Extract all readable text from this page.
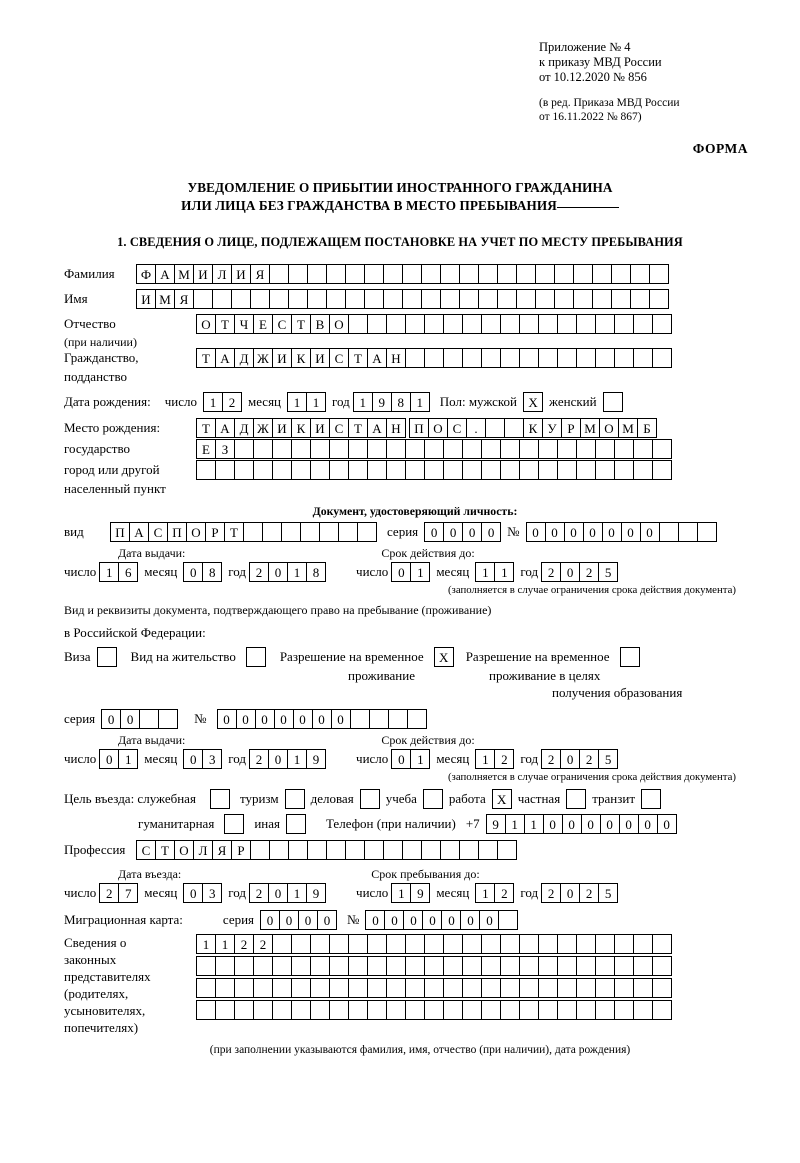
Приложение № 4
к приказу МВД России
от 10.12.2020 № 856
(в ред. Приказа МВД России
от 16.11.2022 № 867)
ФОРМА
УВЕДОМЛЕНИЕ О ПРИБЫТИИ ИНОСТРАННОГО ГРАЖДАНИНА
ИЛИ ЛИЦА БЕЗ ГРАЖДАНСТВА В МЕСТО ПРЕБЫВАНИЯ
1. СВЕДЕНИЯ О ЛИЦЕ, ПОДЛЕЖАЩЕМ ПОСТАНОВКЕ НА УЧЕТ ПО МЕСТУ ПРЕБЫВАНИЯ
Фамилия	Ф А М И Л И Я
Имя	И М Я
Отчество	О Т Ч Е С Т В О
(при наличии)
Гражданство,	Т А Д Ж И К И С Т А Н
подданство
Дата рождения: число 1 2 месяц 1 1 год 1 9 8 1	Пол: мужской Х женский
Место рождения:	Т А Д Ж И К И С Т А Н	П О С	.	К У Р М О М Б
государство	Е З
город или другой
населенный пункт
Документ, удостоверяющий личность:
вид	П А С П О Р Т	серия 0 0 0 0 № 0 0 0 0 0 0 0
Дата выдачи:	Срок действия до:
число 1 6 месяц 0 8 год 2 0 1 8	число 0 1 месяц 1 1 год 2 0 2 5
(заполняется в случае ограничения срока действия документа)
Вид и реквизиты документа, подтверждающего право на пребывание (проживание)
в Российской Федерации:
Виза	Вид на жительство	Разрешение на временное	Х	Разрешение на временное
проживание	проживание в целях
получения образования
серия 0 0	№	0 0 0 0 0 0 0
Дата выдачи:	Срок действия до:
число 0 1 месяц 0 3 год 2 0 1 9	число 0 1 месяц 1 2 год 2 0 2 5
(заполняется в случае ограничения срока действия документа)
Цель въезда: служебная	туризм деловая учеба работа Х частная транзит
гуманитарная	иная	Телефон (при наличии) +7 9 1 1 0 0 0 0 0 0 0
Профессия	С Т О Л Я Р
Дата въезда:	Срок пребывания до:
число 2 7 месяц 0 3 год 2 0 1 9	число 1 9 месяц 1 2 год 2 0 2 5
Миграционная карта:	серия 0 0 0 0	№ 0 0 0 0 0 0 0
Сведения о
законных
представителях
(родителях,
усыновителях,
попечителях)
1 1 2 2
(при заполнении указываются фамилия, имя, отчество (при наличии), дата рождения)
